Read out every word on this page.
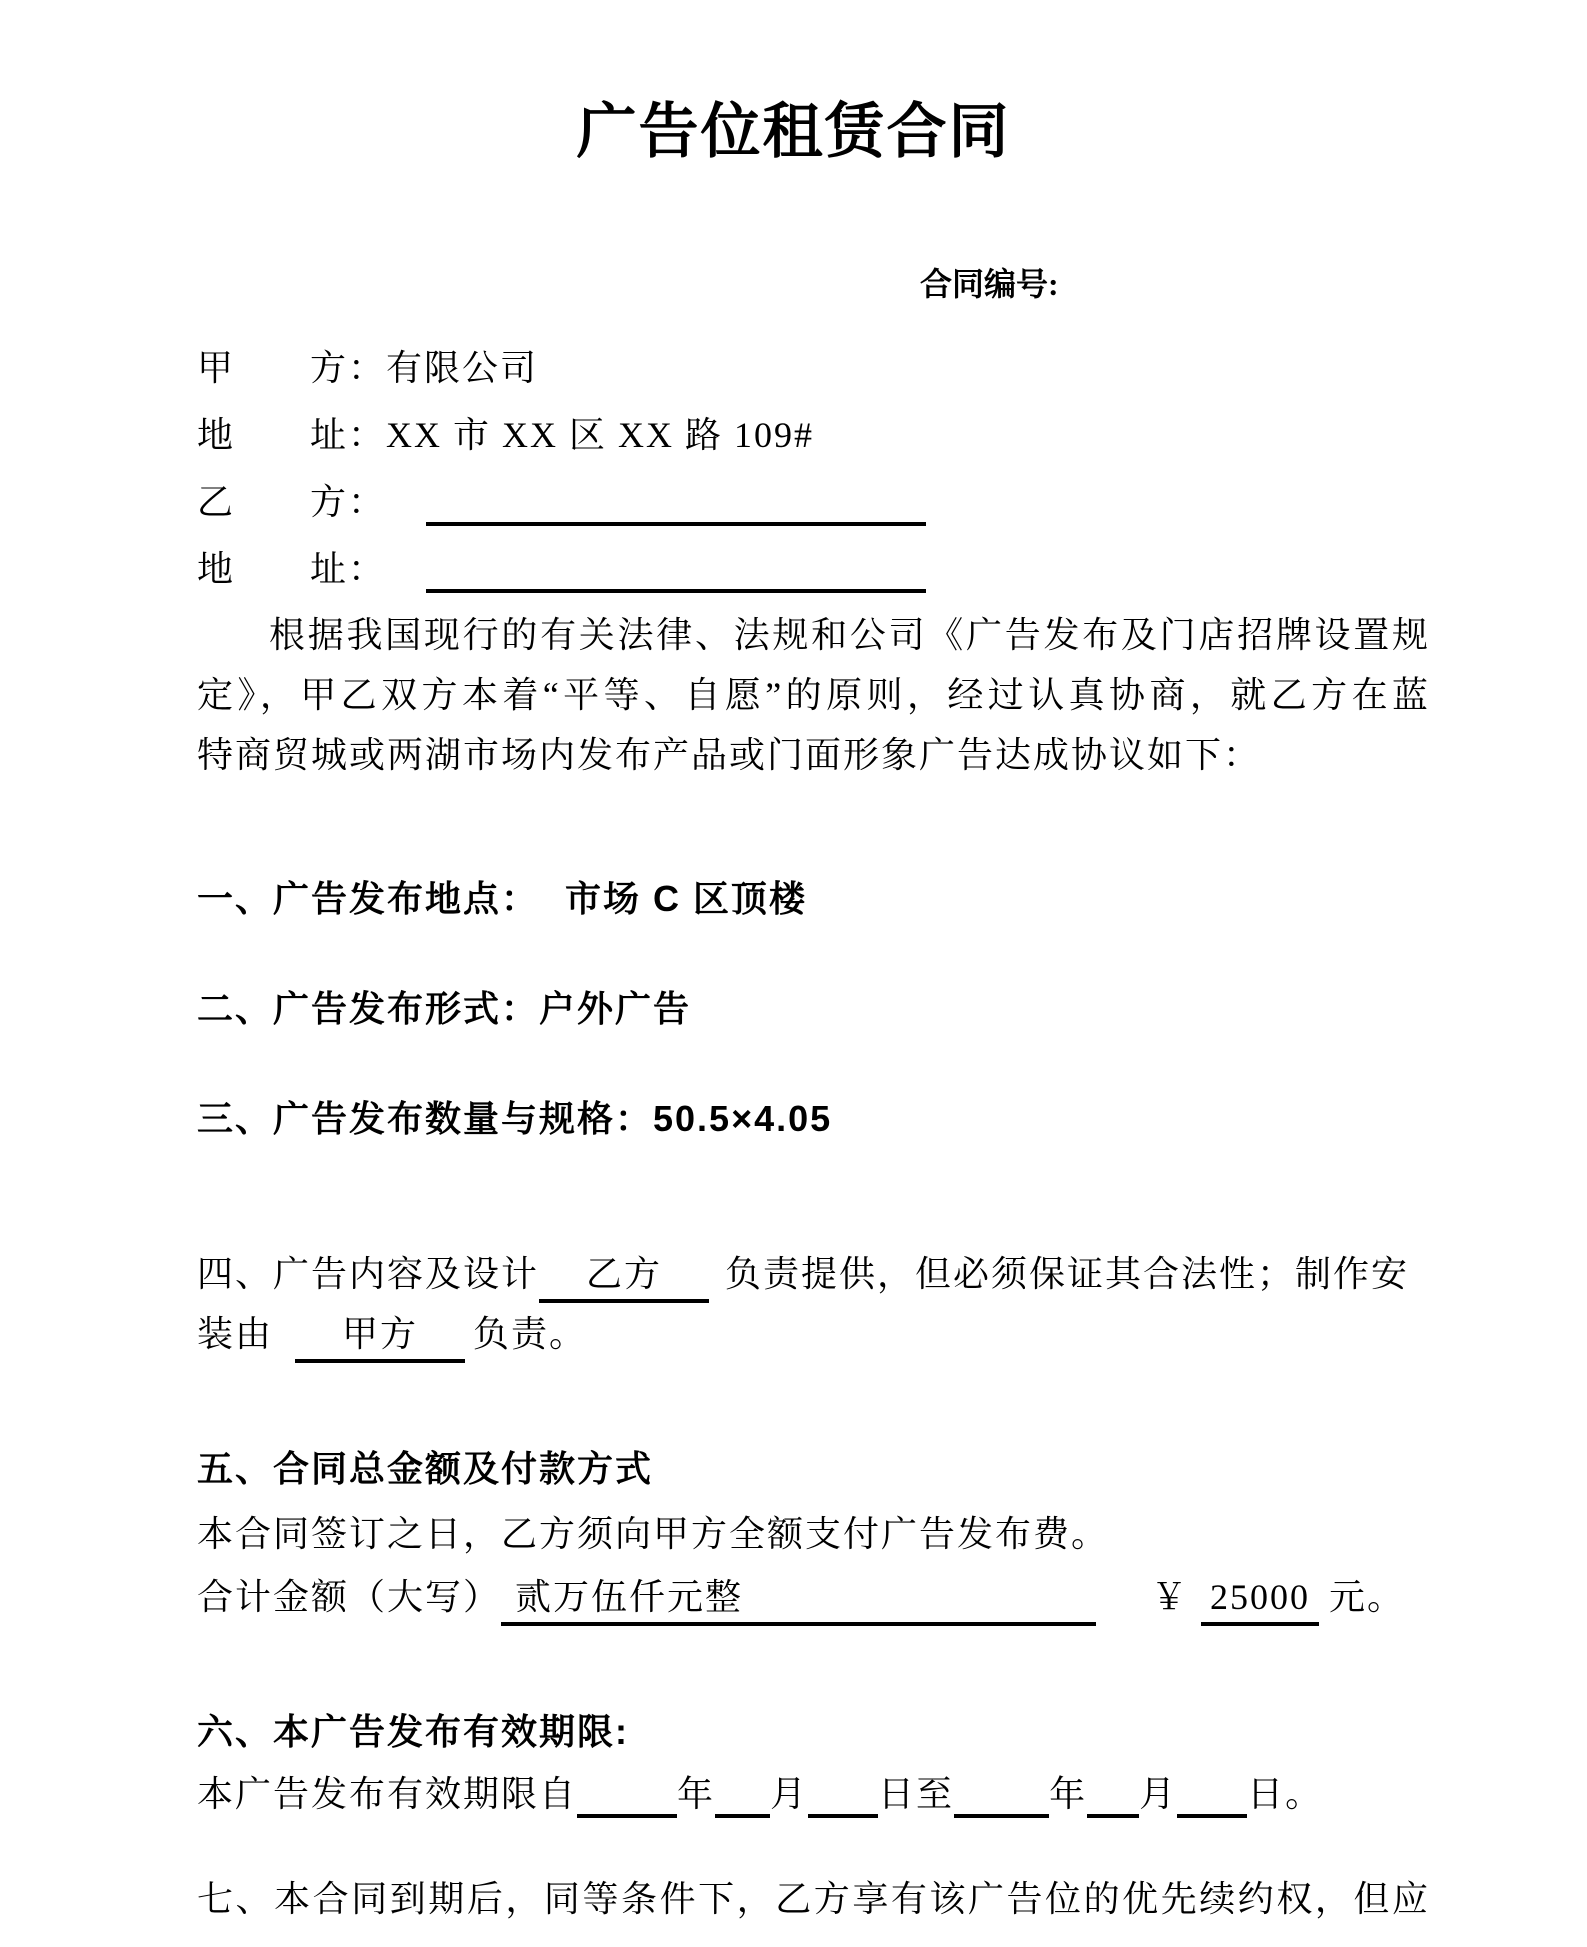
广告位租赁合同
合同编号:
甲 方：有限公司
地 址：XX 市 XX 区 XX 路 109#
乙 方：
地 址：
根据我国现行的有关法律、法规和公司《广告发布及门店招牌设置规
定》，甲乙双方本着“平等、自愿”的原则，经过认真协商，就乙方在蓝
特商贸城或两湖市场内发布产品或门面形象广告达成协议如下：
一、广告发布地点： 市场 C 区顶楼
二、广告发布形式：户外广告
三、广告发布数量与规格：50.5×4.05
四、广告内容及设计 乙方 负责提供，但必须保证其合法性；制作安
装由 甲方 负责。
五、合同总金额及付款方式
本合同签订之日，乙方须向甲方全额支付广告发布费。
合计金额（大写） 贰万伍仟元整	￥ 25000 元。
六、本广告发布有效期限:
本广告发布有效期限自	年 月 日至	年 月 日。
七、本合同到期后，同等条件下，乙方享有该广告位的优先续约权，但应
